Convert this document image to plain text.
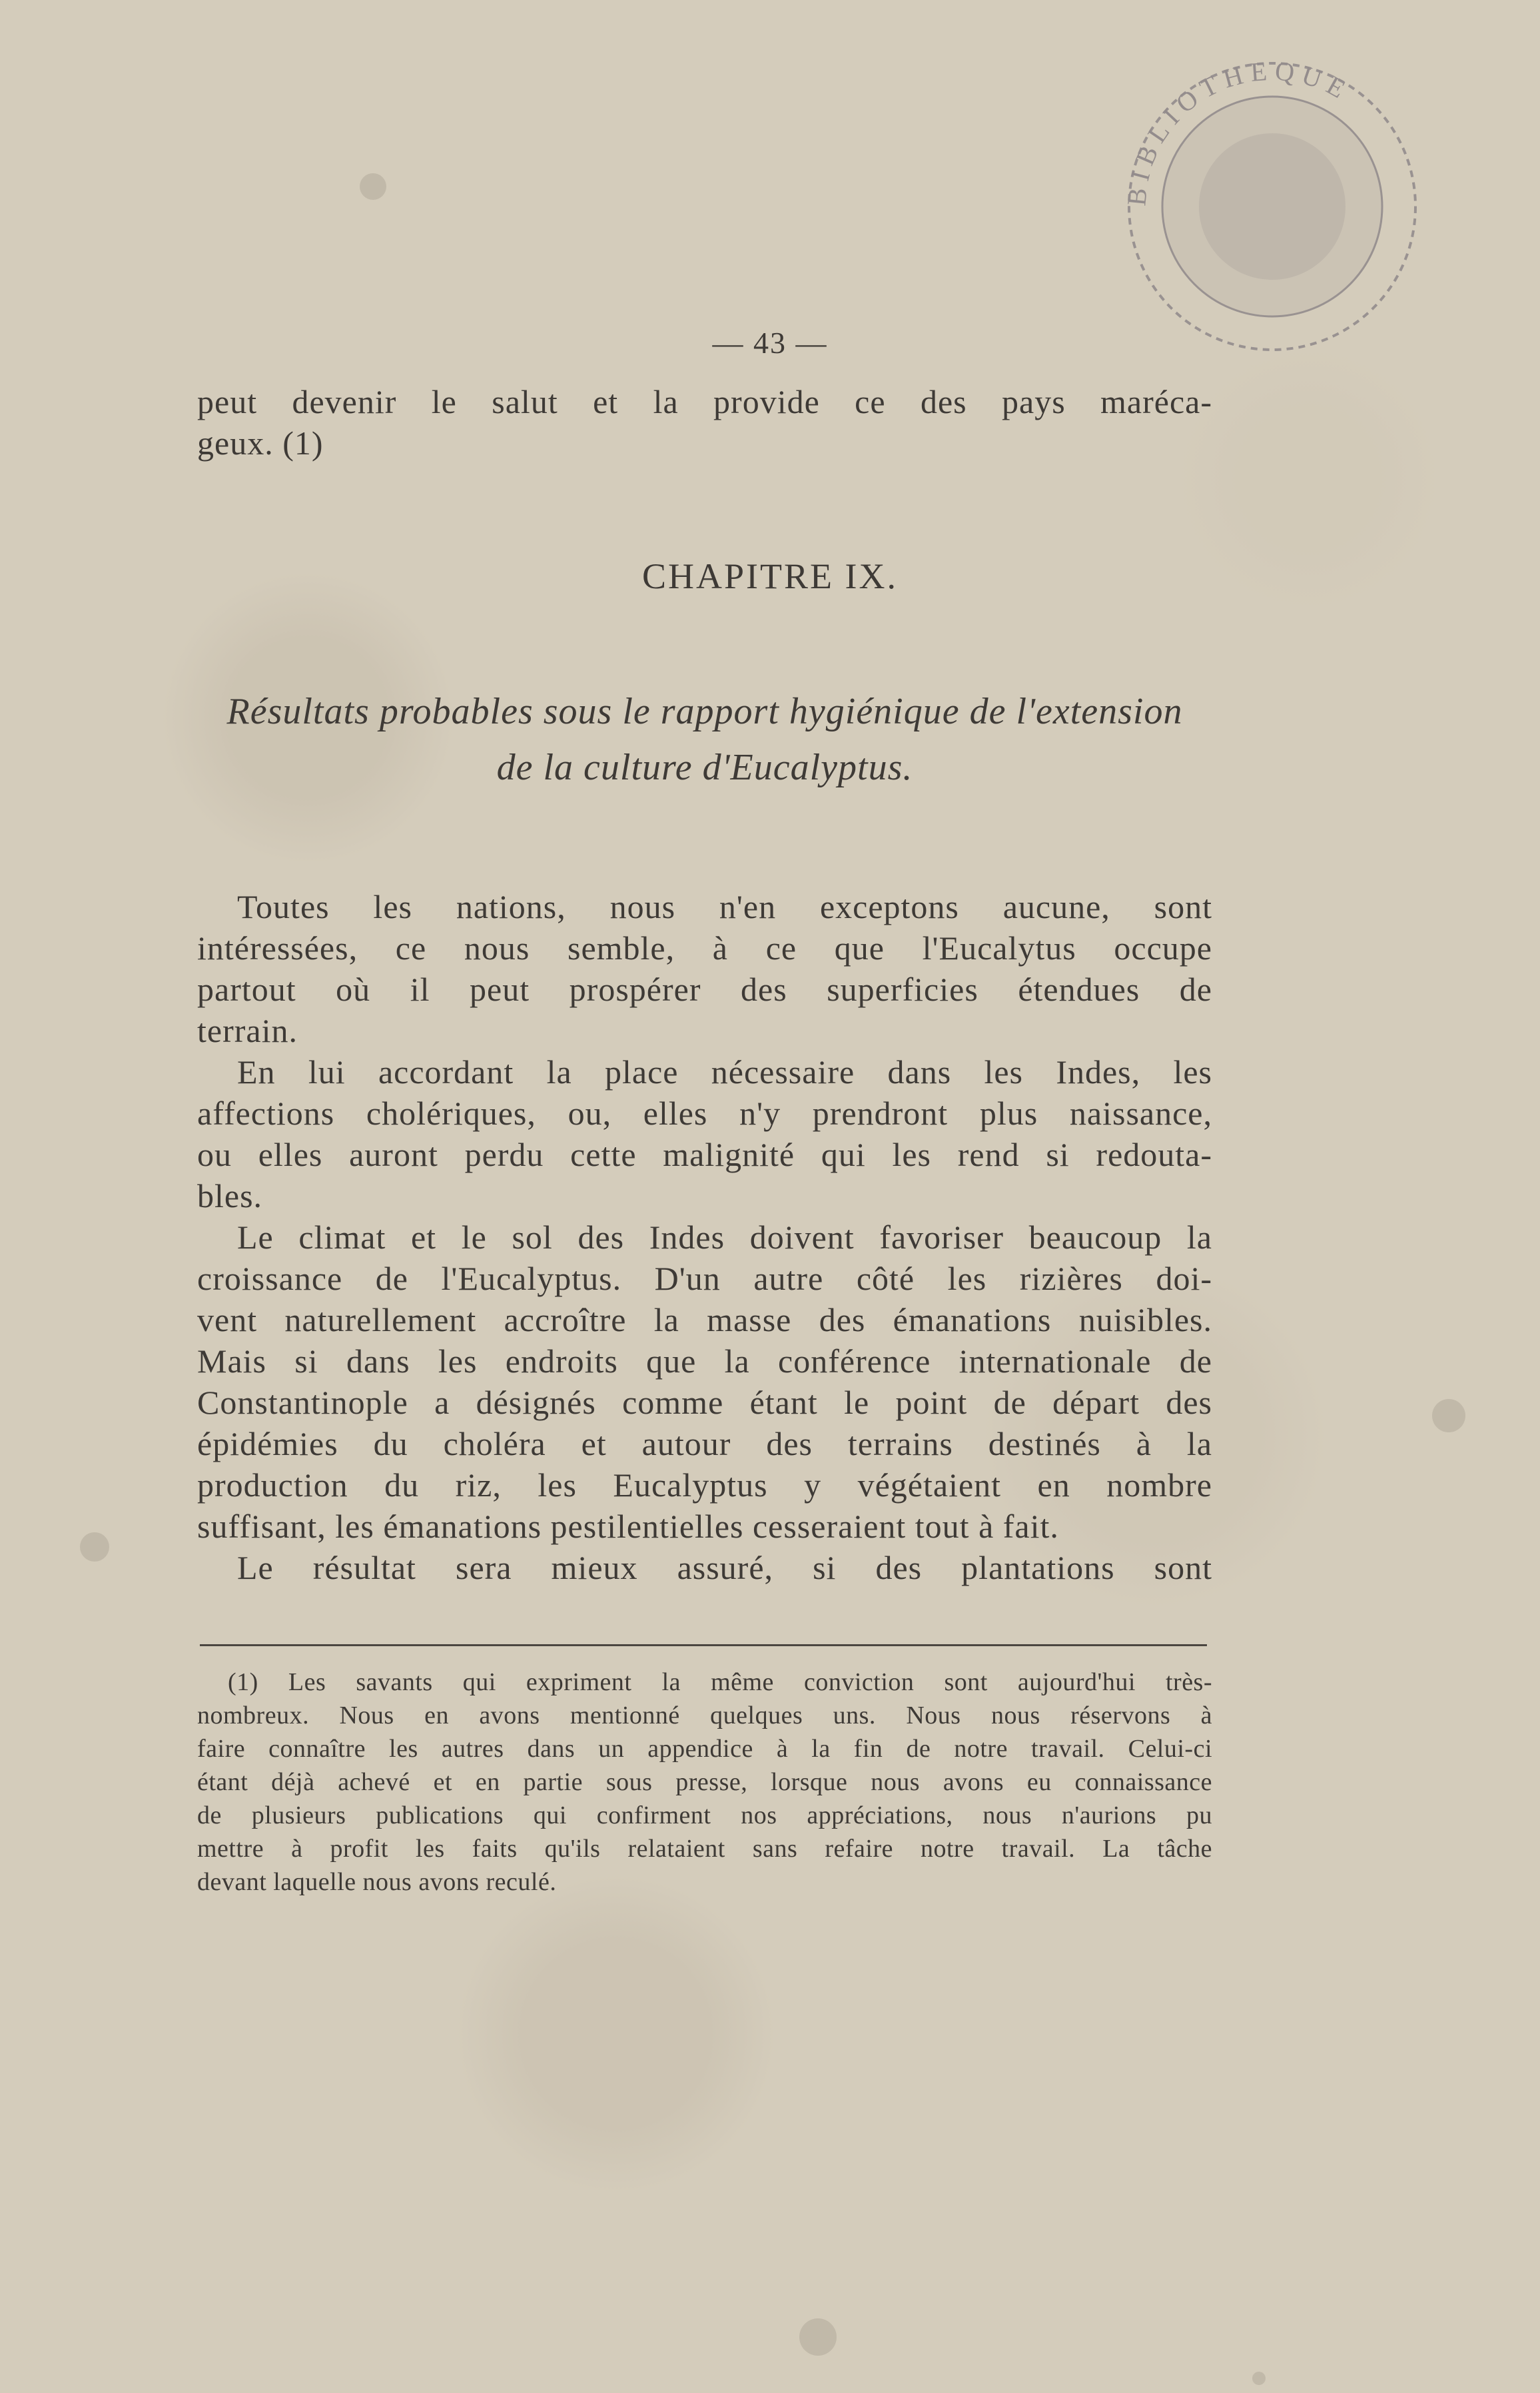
BIBLIOTHEQUE
— 43 —
peut devenir le salut et la provide ce des pays maréca-
geux. (1)
CHAPITRE IX.
Résultats probables sous le rapport hygiénique de l'extension
de la culture d'Eucalyptus.
Toutes les nations, nous n'en exceptons aucune, sont
intéressées, ce nous semble, à ce que l'Eucalytus occupe
partout où il peut prospérer des superficies étendues de
terrain.
En lui accordant la place nécessaire dans les Indes, les
affections cholériques, ou, elles n'y prendront plus naissance,
ou elles auront perdu cette malignité qui les rend si redouta-
bles.
Le climat et le sol des Indes doivent favoriser beaucoup la
croissance de l'Eucalyptus. D'un autre côté les rizières doi-
vent naturellement accroître la masse des émanations nuisibles.
Mais si dans les endroits que la conférence internationale de
Constantinople a désignés comme étant le point de départ des
épidémies du choléra et autour des terrains destinés à la
production du riz, les Eucalyptus y végétaient en nombre
suffisant, les émanations pestilentielles cesseraient tout à fait.
Le résultat sera mieux assuré, si des plantations sont
(1) Les savants qui expriment la même conviction sont aujourd'hui très-
nombreux. Nous en avons mentionné quelques uns. Nous nous réservons à
faire connaître les autres dans un appendice à la fin de notre travail. Celui-ci
étant déjà achevé et en partie sous presse, lorsque nous avons eu connaissance
de plusieurs publications qui confirment nos appréciations, nous n'aurions pu
mettre à profit les faits qu'ils relataient sans refaire notre travail. La tâche
devant laquelle nous avons reculé.
